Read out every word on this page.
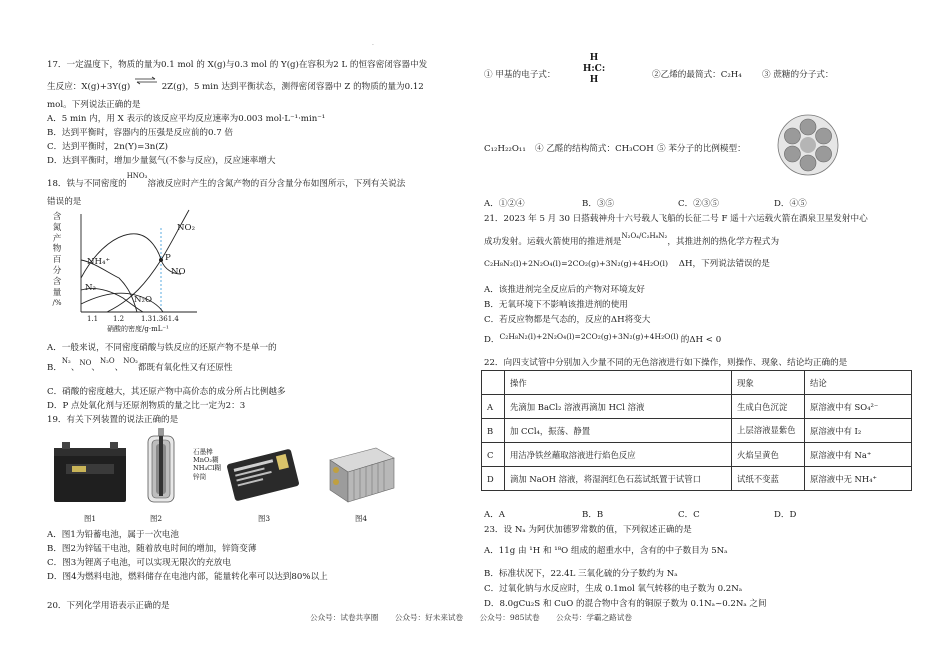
·
17．一定温度下，物质的量为0.1 mol 的 X(g)与0.3 mol 的 Y(g)在容积为2 L 的恒容密闭容器中发
生反应：X(g)+3Y(g) ⇌ 2Z(g)，5 min 达到平衡状态，测得密闭容器中 Z 的物质的量为0.12
mol。下列说法正确的是
A．5 min 内，用 X 表示的该反应平均反应速率为0.003 mol·L⁻¹·min⁻¹
B．达到平衡时，容器内的压强是反应前的0.7 倍
C．达到平衡时，2n(Y)=3n(Z)
D．达到平衡时，增加少量氦气(不参与反应)，反应速率增大
18．铁与不同密度的$^{HNO_3}$溶液反应时产生的含氮产物的百分含量分布如图所示，下列有关说法
错误的是
含
氮
产
物
百
分
含
量
/%
NO₂
NH₄⁺	P
NO
N₂
N₂O
1.1 1.2 1.31.361.4
硝酸的密度/g·mL⁻¹
A．一般来说，不同密度硝酸与铁反应的还原产物不是单一的
B．$^{N_2}$、$^{NO}$、$^{N_2O}$、$^{NO_2}$都既有氧化性又有还原性
C．硝酸的密度越大，其还原产物中高价态的成分所占比例越多
D．P 点处氧化剂与还原剂物质的量之比一定为2：3
19．有关下列装置的说法正确的是
图1
石墨棒
MnO₂糊
NH₄Cl糊
锌筒
图2	图3	图4
A．图1为铅蓄电池，属于一次电池
B．图2为锌锰干电池，随着放电时间的增加，锌筒变薄
C．图3为锂离子电池，可以实现无限次的充放电
D．图4为燃料电池，燃料储存在电池内部，能量转化率可以达到80%以上
20．下列化学用语表示正确的是
① 甲基的电子式：
H
H:C:
H	②乙烯的最简式：C₂H₄ ③ 蔗糖的分子式：
C₁₂H₂₂O₁₁ ④ 乙醛的结构简式：CH₃COH ⑤ 苯分子的比例模型：
A．①②④	B．③⑤	C．②③⑤	D．④⑤
21．2023 年 5 月 30 日搭载神舟十六号载人飞船的长征二号 F 遥十六运载火箭在酒泉卫星发射中心
成功发射。运载火箭使用的推进剂是$^{N_2O_4/C_2H_8N_2}$，其推进剂的热化学方程式为
C₂H₈N₂(l)+2N₂O₄(l)=2CO₂(g)+3N₂(g)+4H₂O(l) ΔH，下列说法错误的是
A．该推进剂完全反应后的产物对环境友好
B．无氧环境下不影响该推进剂的使用
C．若反应物都是气态的，反应的ΔH将变大
D．C₂H₈N₂(l)+2N₂O₄(l)=2CO₂(g)+3N₂(g)+4H₂O(l) 的ΔH < 0
22．向四支试管中分别加入少量不同的无色溶液进行如下操作，则操作、现象、结论均正确的是
	操作	现象	结论
A	先滴加 BaCl₂ 溶液再滴加 HCl 溶液	生成白色沉淀	原溶液中有 SO₄²⁻
B	加 CCl₄，振荡、静置	上层溶液显紫色	原溶液中有 I₂
C	用洁净铁丝蘸取溶液进行焰色反应	火焰呈黄色	原溶液中有 Na⁺
D	滴加 NaOH 溶液，将湿润红色石蕊试纸置于试管口	试纸不变蓝	原溶液中无 NH₄⁺
A．A	B．B	C．C	D．D
23．设 Nₐ 为阿伏加德罗常数的值，下列叙述正确的是
A．11g 由 ¹H 和 ¹⁸O 组成的超重水中，含有的中子数目为 5Nₐ
B．标准状况下，22.4L 三氧化硫的分子数约为 Nₐ
C．过氧化钠与水反应时，生成 0.1mol 氧气转移的电子数为 0.2Nₐ
D．8.0gCu₂S 和 CuO 的混合物中含有的铜原子数为 0.1Nₐ~0.2Nₐ 之间
公众号：试卷共享圈 公众号：好未来试卷 公众号：985试卷 公众号：学霸之路试卷
